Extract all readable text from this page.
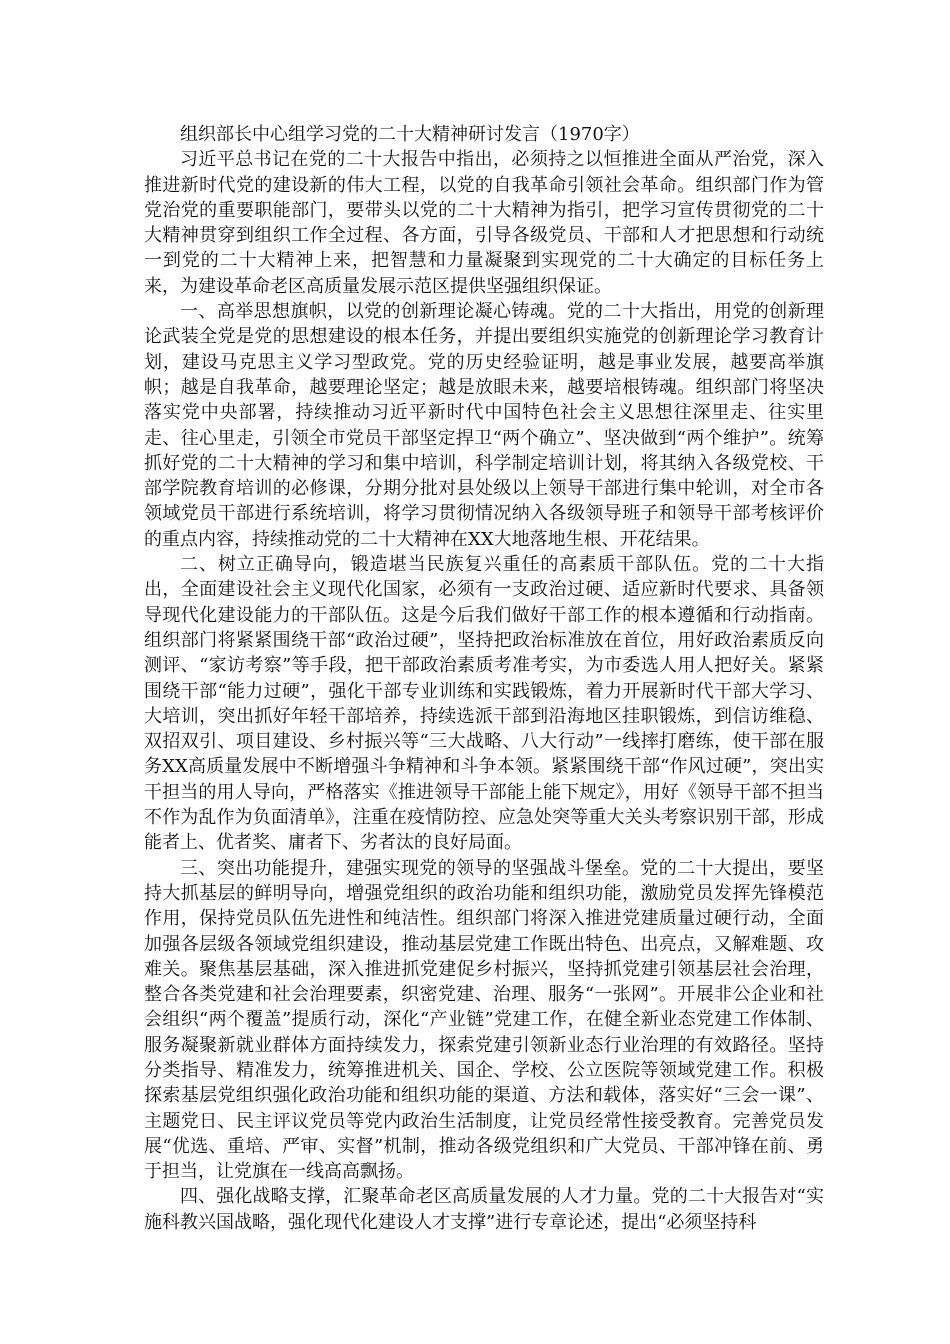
组织部长中心组学习党的二十大精神研讨发言（1970字）

习近平总书记在党的二十大报告中指出，必须持之以恒推进全面从严治党，深入推进新时代党的建设新的伟大工程，以党的自我革命引领社会革命。组织部门作为管党治党的重要职能部门，要带头以党的二十大精神为指引，把学习宣传贯彻党的二十大精神贯穿到组织工作全过程、各方面，引导各级党员、干部和人才把思想和行动统一到党的二十大精神上来，把智慧和力量凝聚到实现党的二十大确定的目标任务上来，为建设革命老区高质量发展示范区提供坚强组织保证。

一、高举思想旗帜，以党的创新理论凝心铸魂。党的二十大指出，用党的创新理论武装全党是党的思想建设的根本任务，并提出要组织实施党的创新理论学习教育计划，建设马克思主义学习型政党。党的历史经验证明，越是事业发展，越要高举旗帜；越是自我革命，越要理论坚定；越是放眼未来，越要培根铸魂。组织部门将坚决落实党中央部署，持续推动习近平新时代中国特色社会主义思想往深里走、往实里走、往心里走，引领全市党员干部坚定捍卫“两个确立”、坚决做到“两个维护”。统筹抓好党的二十大精神的学习和集中培训，科学制定培训计划，将其纳入各级党校、干部学院教育培训的必修课，分期分批对县处级以上领导干部进行集中轮训，对全市各领域党员干部进行系统培训，将学习贯彻情况纳入各级领导班子和领导干部考核评价的重点内容，持续推动党的二十大精神在XX大地落地生根、开花结果。

二、树立正确导向，锻造堪当民族复兴重任的高素质干部队伍。党的二十大指出，全面建设社会主义现代化国家，必须有一支政治过硬、适应新时代要求、具备领导现代化建设能力的干部队伍。这是今后我们做好干部工作的根本遵循和行动指南。组织部门将紧紧围绕干部“政治过硬”，坚持把政治标准放在首位，用好政治素质反向测评、“家访考察”等手段，把干部政治素质考准考实，为市委选人用人把好关。紧紧围绕干部“能力过硬”，强化干部专业训练和实践锻炼，着力开展新时代干部大学习、大培训，突出抓好年轻干部培养，持续选派干部到沿海地区挂职锻炼，到信访维稳、双招双引、项目建设、乡村振兴等“三大战略、八大行动”一线摔打磨练，使干部在服务XX高质量发展中不断增强斗争精神和斗争本领。紧紧围绕干部“作风过硬”，突出实干担当的用人导向，严格落实《推进领导干部能上能下规定》，用好《领导干部不担当不作为乱作为负面清单》，注重在疫情防控、应急处突等重大关头考察识别干部，形成能者上、优者奖、庸者下、劣者汰的良好局面。

三、突出功能提升，建强实现党的领导的坚强战斗堡垒。党的二十大提出，要坚持大抓基层的鲜明导向，增强党组织的政治功能和组织功能，激励党员发挥先锋模范作用，保持党员队伍先进性和纯洁性。组织部门将深入推进党建质量过硬行动，全面加强各层级各领域党组织建设，推动基层党建工作既出特色、出亮点，又解难题、攻难关。聚焦基层基础，深入推进抓党建促乡村振兴，坚持抓党建引领基层社会治理，整合各类党建和社会治理要素，织密党建、治理、服务“一张网”。开展非公企业和社会组织“两个覆盖”提质行动，深化“产业链”党建工作，在健全新业态党建工作体制、服务凝聚新就业群体方面持续发力，探索党建引领新业态行业治理的有效路径。坚持分类指导、精准发力，统筹推进机关、国企、学校、公立医院等领域党建工作。积极探索基层党组织强化政治功能和组织功能的渠道、方法和载体，落实好“三会一课”、主题党日、民主评议党员等党内政治生活制度，让党员经常性接受教育。完善党员发展“优选、重培、严审、实督”机制，推动各级党组织和广大党员、干部冲锋在前、勇于担当，让党旗在一线高高飘扬。

四、强化战略支撑，汇聚革命老区高质量发展的人才力量。党的二十大报告对“实施科教兴国战略，强化现代化建设人才支撑”进行专章论述，提出“必须坚持科
